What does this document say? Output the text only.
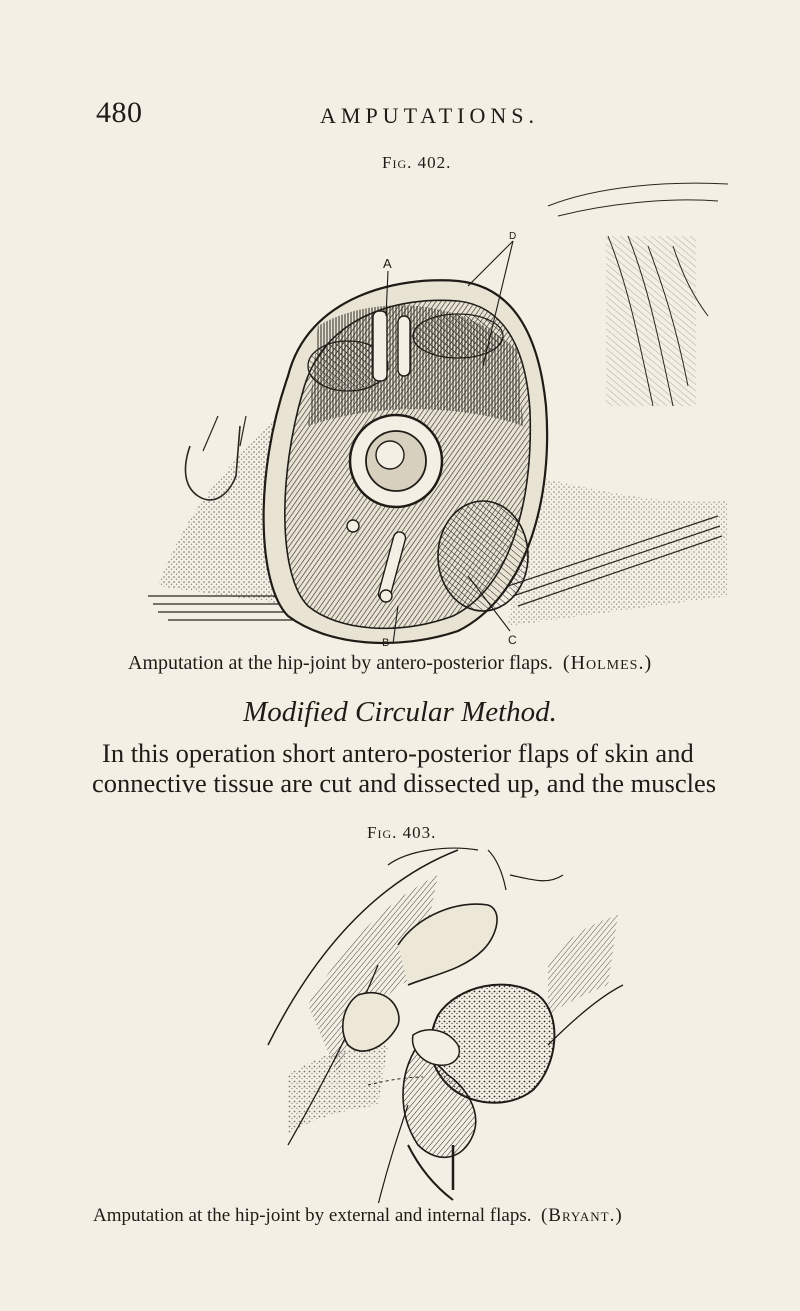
480	AMPUTATIONS.
Fig. 402.
A
B	C
D
Amputation at the hip-joint by antero-posterior flaps. (Holmes.)
Modified Circular Method.
In this operation short antero-posterior flaps of skin and
connective tissue are cut and dissected up, and the muscles
Fig. 403.
Amputation at the hip-joint by external and internal flaps. (Bryant.)
